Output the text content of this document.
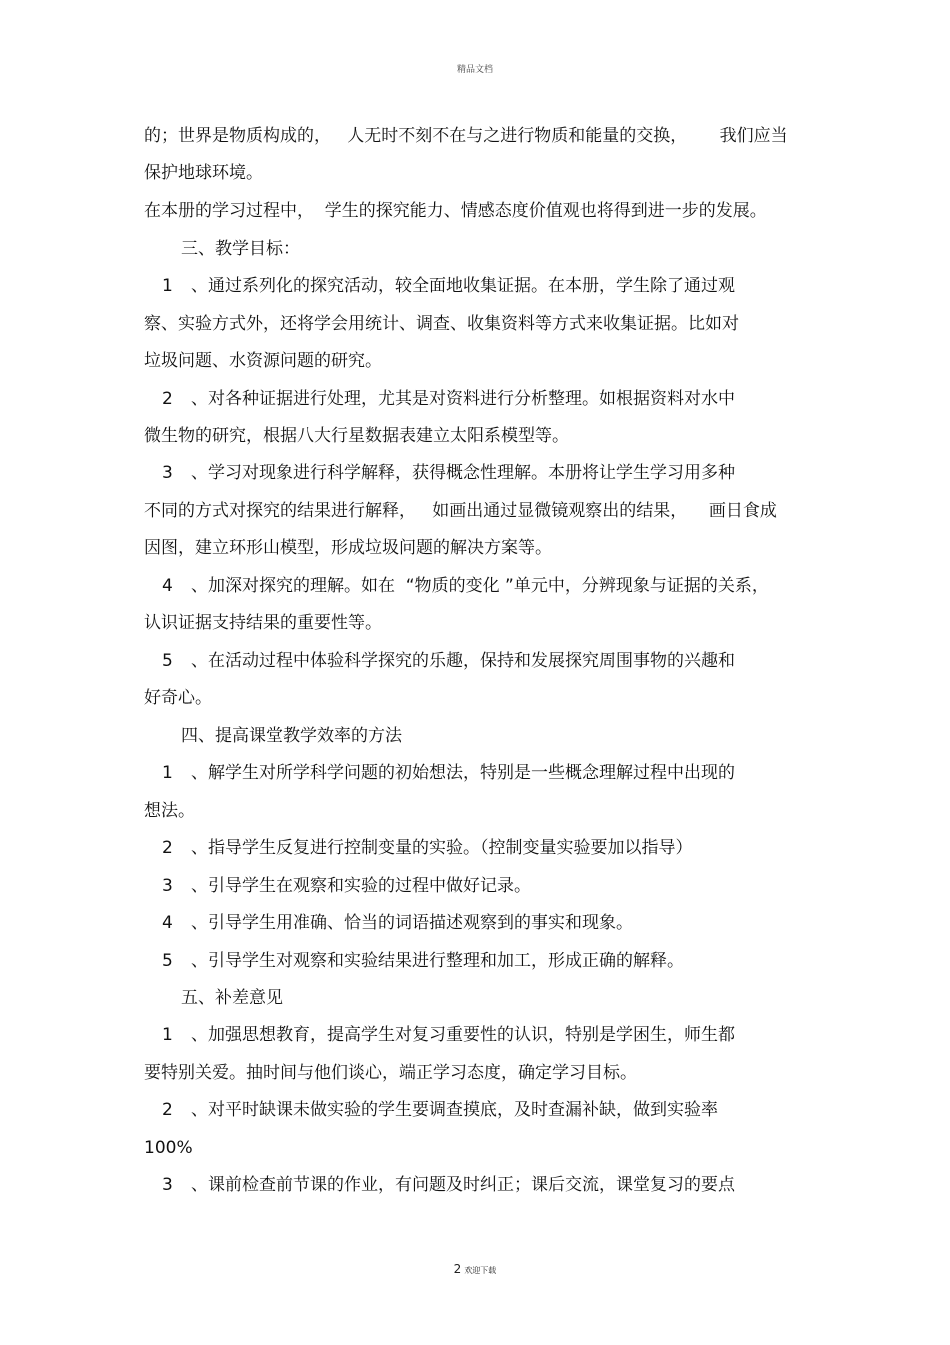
精品文档
的；世界是物质构成的，   人无时不刻不在与之进行物质和能量的交换，      我们应当
保护地球环境。
在本册的学习过程中，  学生的探究能力、情感态度价值观也将得到进一步的发展。
三、教学目标：
1 、通过系列化的探究活动，较全面地收集证据。在本册，学生除了通过观
察、实验方式外，还将学会用统计、调查、收集资料等方式来收集证据。比如对
垃圾问题、水资源问题的研究。
2 、对各种证据进行处理，尤其是对资料进行分析整理。如根据资料对水中
微生物的研究，根据八大行星数据表建立太阳系模型等。
3 、学习对现象进行科学解释，获得概念性理解。本册将让学生学习用多种
不同的方式对探究的结果进行解释，   如画出通过显微镜观察出的结果，    画日食成
因图，建立环形山模型，形成垃圾问题的解决方案等。
4 、加深对探究的理解。如在  “物质的变化 ”单元中，分辨现象与证据的关系，
认识证据支持结果的重要性等。
5 、在活动过程中体验科学探究的乐趣，保持和发展探究周围事物的兴趣和
好奇心。
四、提高课堂教学效率的方法
1 、解学生对所学科学问题的初始想法，特别是一些概念理解过程中出现的
想法。
2 、指导学生反复进行控制变量的实验。（控制变量实验要加以指导）
3 、引导学生在观察和实验的过程中做好记录。
4 、引导学生用准确、恰当的词语描述观察到的事实和现象。
5 、引导学生对观察和实验结果进行整理和加工，形成正确的解释。
五、补差意见
1 、加强思想教育，提高学生对复习重要性的认识，特别是学困生，师生都
要特别关爱。抽时间与他们谈心，端正学习态度，确定学习目标。
2 、对平时缺课未做实验的学生要调查摸底，及时查漏补缺，做到实验率
100%
3 、课前检查前节课的作业，有问题及时纠正；课后交流，课堂复习的要点
2 欢迎下载
